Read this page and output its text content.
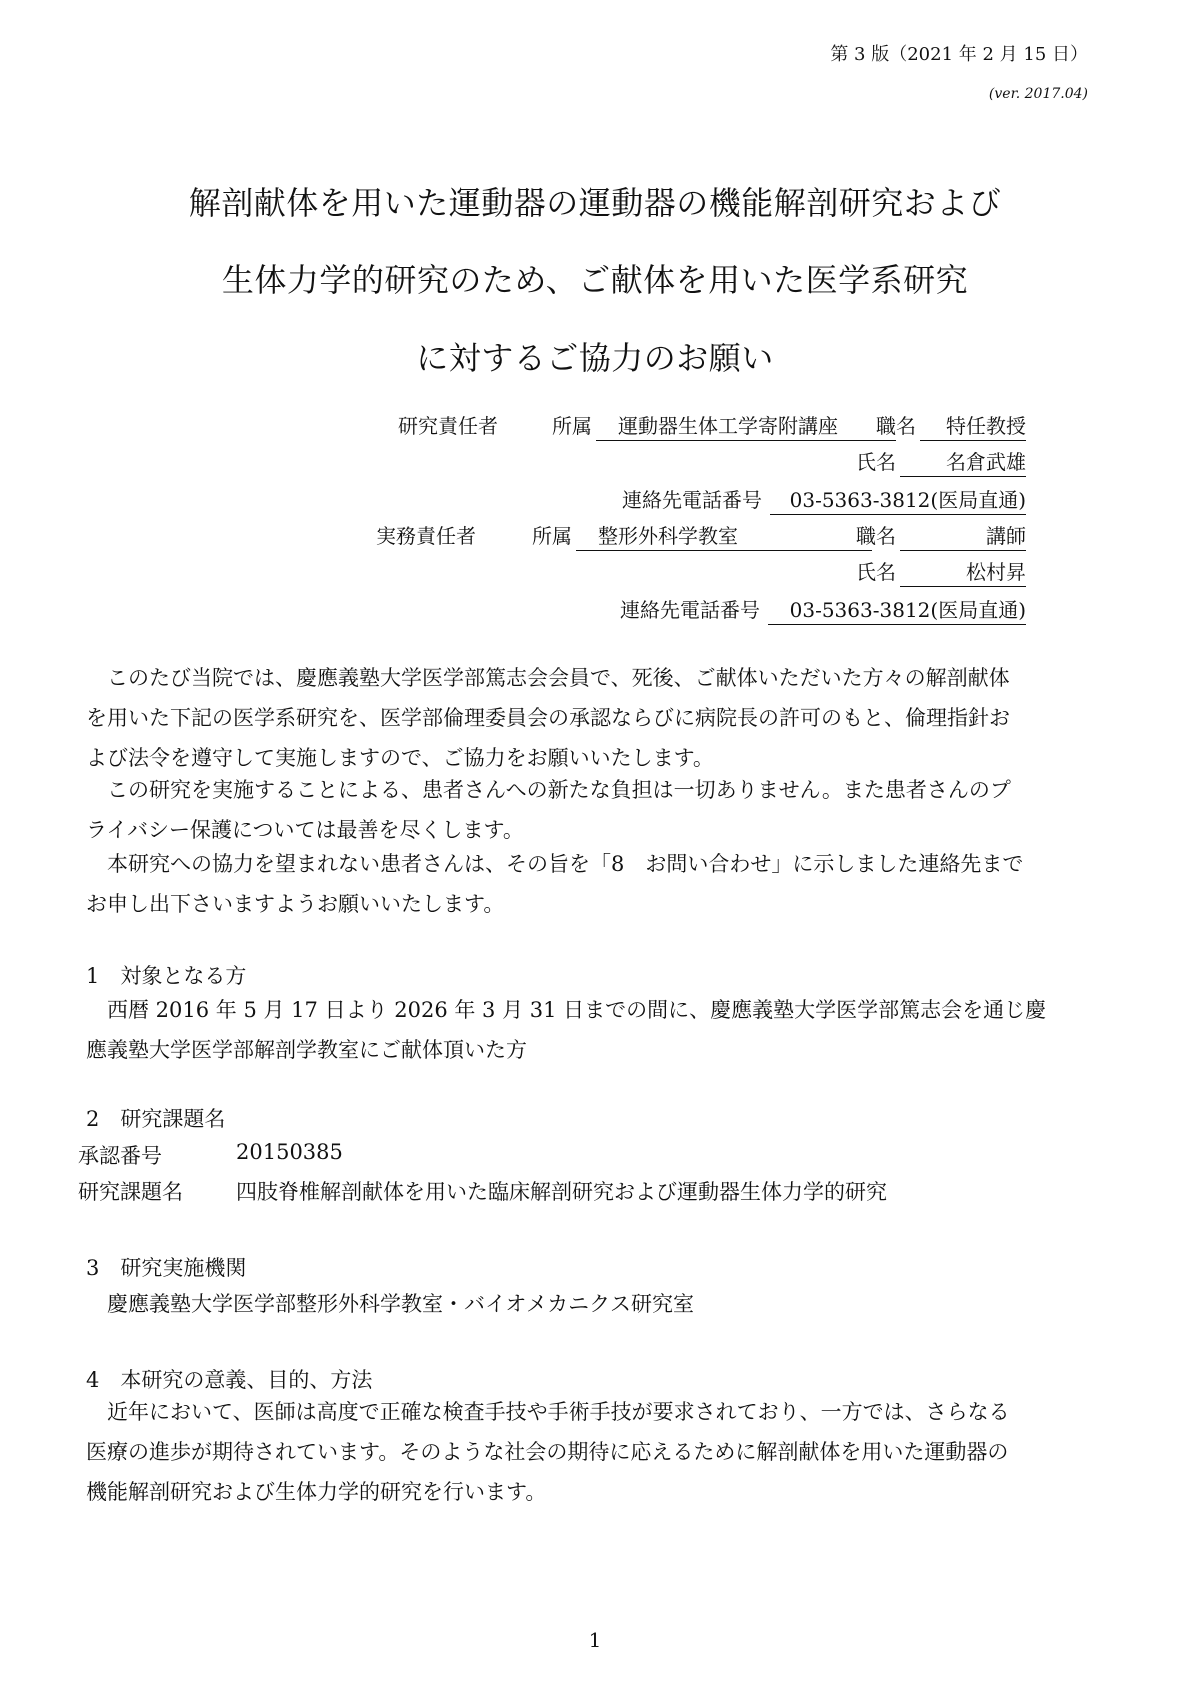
第 3 版（2021 年 2 月 15 日）
(ver. 2017.04)
解剖献体を用いた運動器の運動器の機能解剖研究および
生体力学的研究のため、ご献体を用いた医学系研究
に対するご協力のお願い
研究責任者	所属	運動器生体工学寄附講座	職名	特任教授
氏名	名倉武雄
連絡先電話番号	03-5363-3812(医局直通)
実務責任者	所属	整形外科学教室	職名	講師
氏名	松村昇
連絡先電話番号	03-5363-3812(医局直通)
　このたび当院では、慶應義塾大学医学部篤志会会員で、死後、ご献体いただいた方々の解剖献体
を用いた下記の医学系研究を、医学部倫理委員会の承認ならびに病院長の許可のもと、倫理指針お
よび法令を遵守して実施しますので、ご協力をお願いいたします。
　この研究を実施することによる、患者さんへの新たな負担は一切ありません。また患者さんのプ
ライバシー保護については最善を尽くします。
　本研究への協力を望まれない患者さんは、その旨を「8　お問い合わせ」に示しました連絡先まで
お申し出下さいますようお願いいたします。
1　対象となる方
　西暦 2016 年 5 月 17 日より 2026 年 3 月 31 日までの間に、慶應義塾大学医学部篤志会を通じ慶
應義塾大学医学部解剖学教室にご献体頂いた方
2　研究課題名
承認番号	20150385
研究課題名	四肢脊椎解剖献体を用いた臨床解剖研究および運動器生体力学的研究
3　研究実施機関
　慶應義塾大学医学部整形外科学教室・バイオメカニクス研究室
4　本研究の意義、目的、方法
　近年において、医師は高度で正確な検査手技や手術手技が要求されており、一方では、さらなる
医療の進歩が期待されています。そのような社会の期待に応えるために解剖献体を用いた運動器の
機能解剖研究および生体力学的研究を行います。
1
